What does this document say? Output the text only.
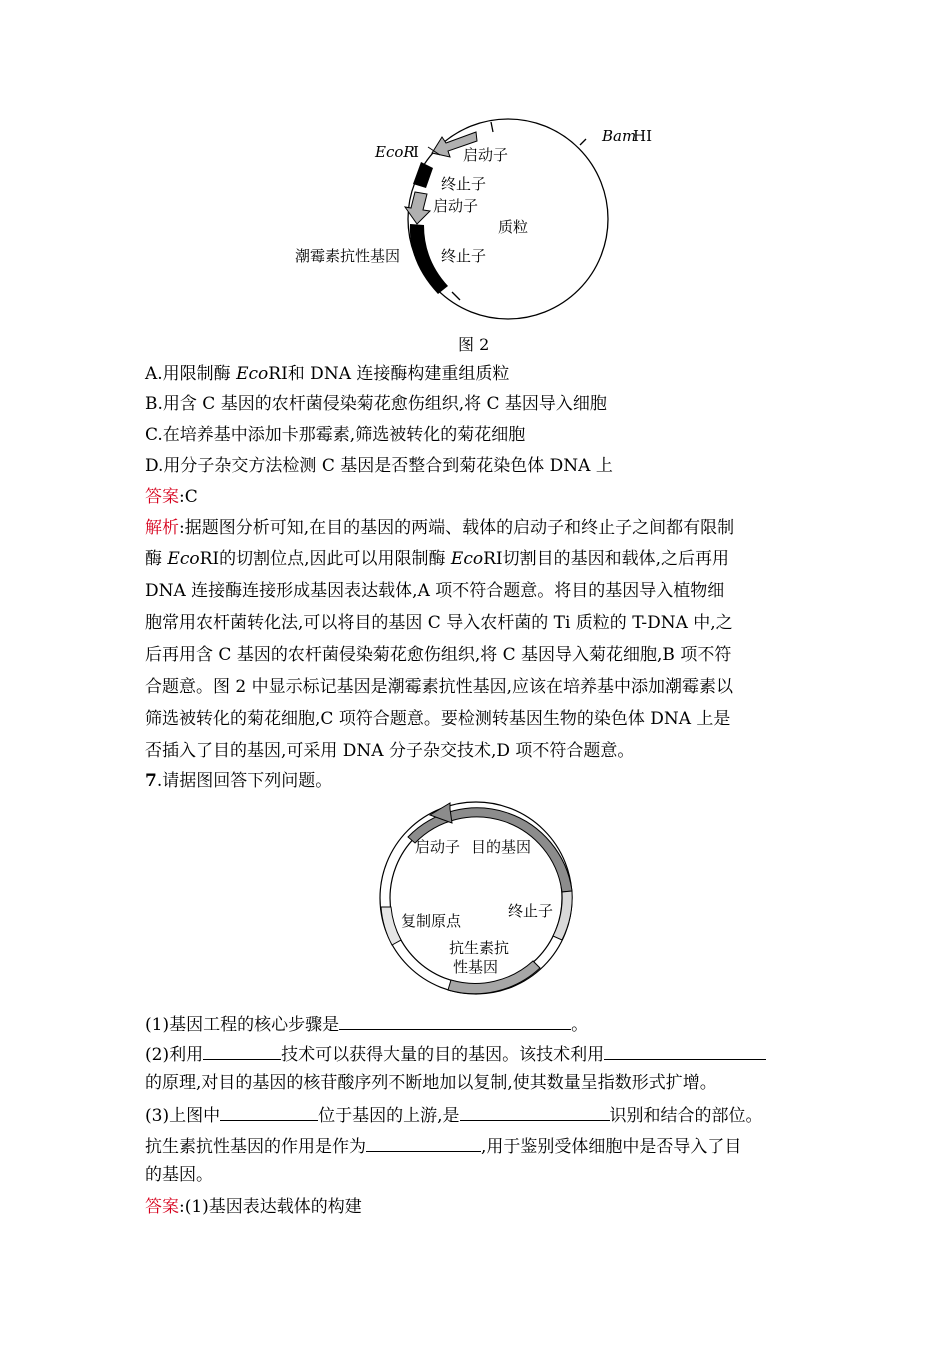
EcoR
Ⅰ
Bam
HⅠ
启动子
终止子
启动子
质粒
潮霉素抗性基因	终止子
图 2
A.用限制酶 EcoRⅠ和 DNA 连接酶构建重组质粒
B.用含 C 基因的农杆菌侵染菊花愈伤组织,将 C 基因导入细胞
C.在培养基中添加卡那霉素,筛选被转化的菊花细胞
D.用分子杂交方法检测 C 基因是否整合到菊花染色体 DNA 上
答案:C
解析:据题图分析可知,在目的基因的两端、载体的启动子和终止子之间都有限制
酶 EcoRⅠ的切割位点,因此可以用限制酶 EcoRⅠ切割目的基因和载体,之后再用
DNA 连接酶连接形成基因表达载体,A 项不符合题意。将目的基因导入植物细
胞常用农杆菌转化法,可以将目的基因 C 导入农杆菌的 Ti 质粒的 T-DNA 中,之
后再用含 C 基因的农杆菌侵染菊花愈伤组织,将 C 基因导入菊花细胞,B 项不符
合题意。图 2 中显示标记基因是潮霉素抗性基因,应该在培养基中添加潮霉素以
筛选被转化的菊花细胞,C 项符合题意。要检测转基因生物的染色体 DNA 上是
否插入了目的基因,可采用 DNA 分子杂交技术,D 项不符合题意。
7.请据图回答下列问题。
启动子 目的基因
终止子
复制原点
抗生素抗
性基因
(1)基因工程的核心步骤是	。
(2)利用	技术可以获得大量的目的基因。该技术利用
的原理,对目的基因的核苷酸序列不断地加以复制,使其数量呈指数形式扩增。
(3)上图中	位于基因的上游,是	识别和结合的部位。
抗生素抗性基因的作用是作为	,用于鉴别受体细胞中是否导入了目
的基因。
答案:(1)基因表达载体的构建
